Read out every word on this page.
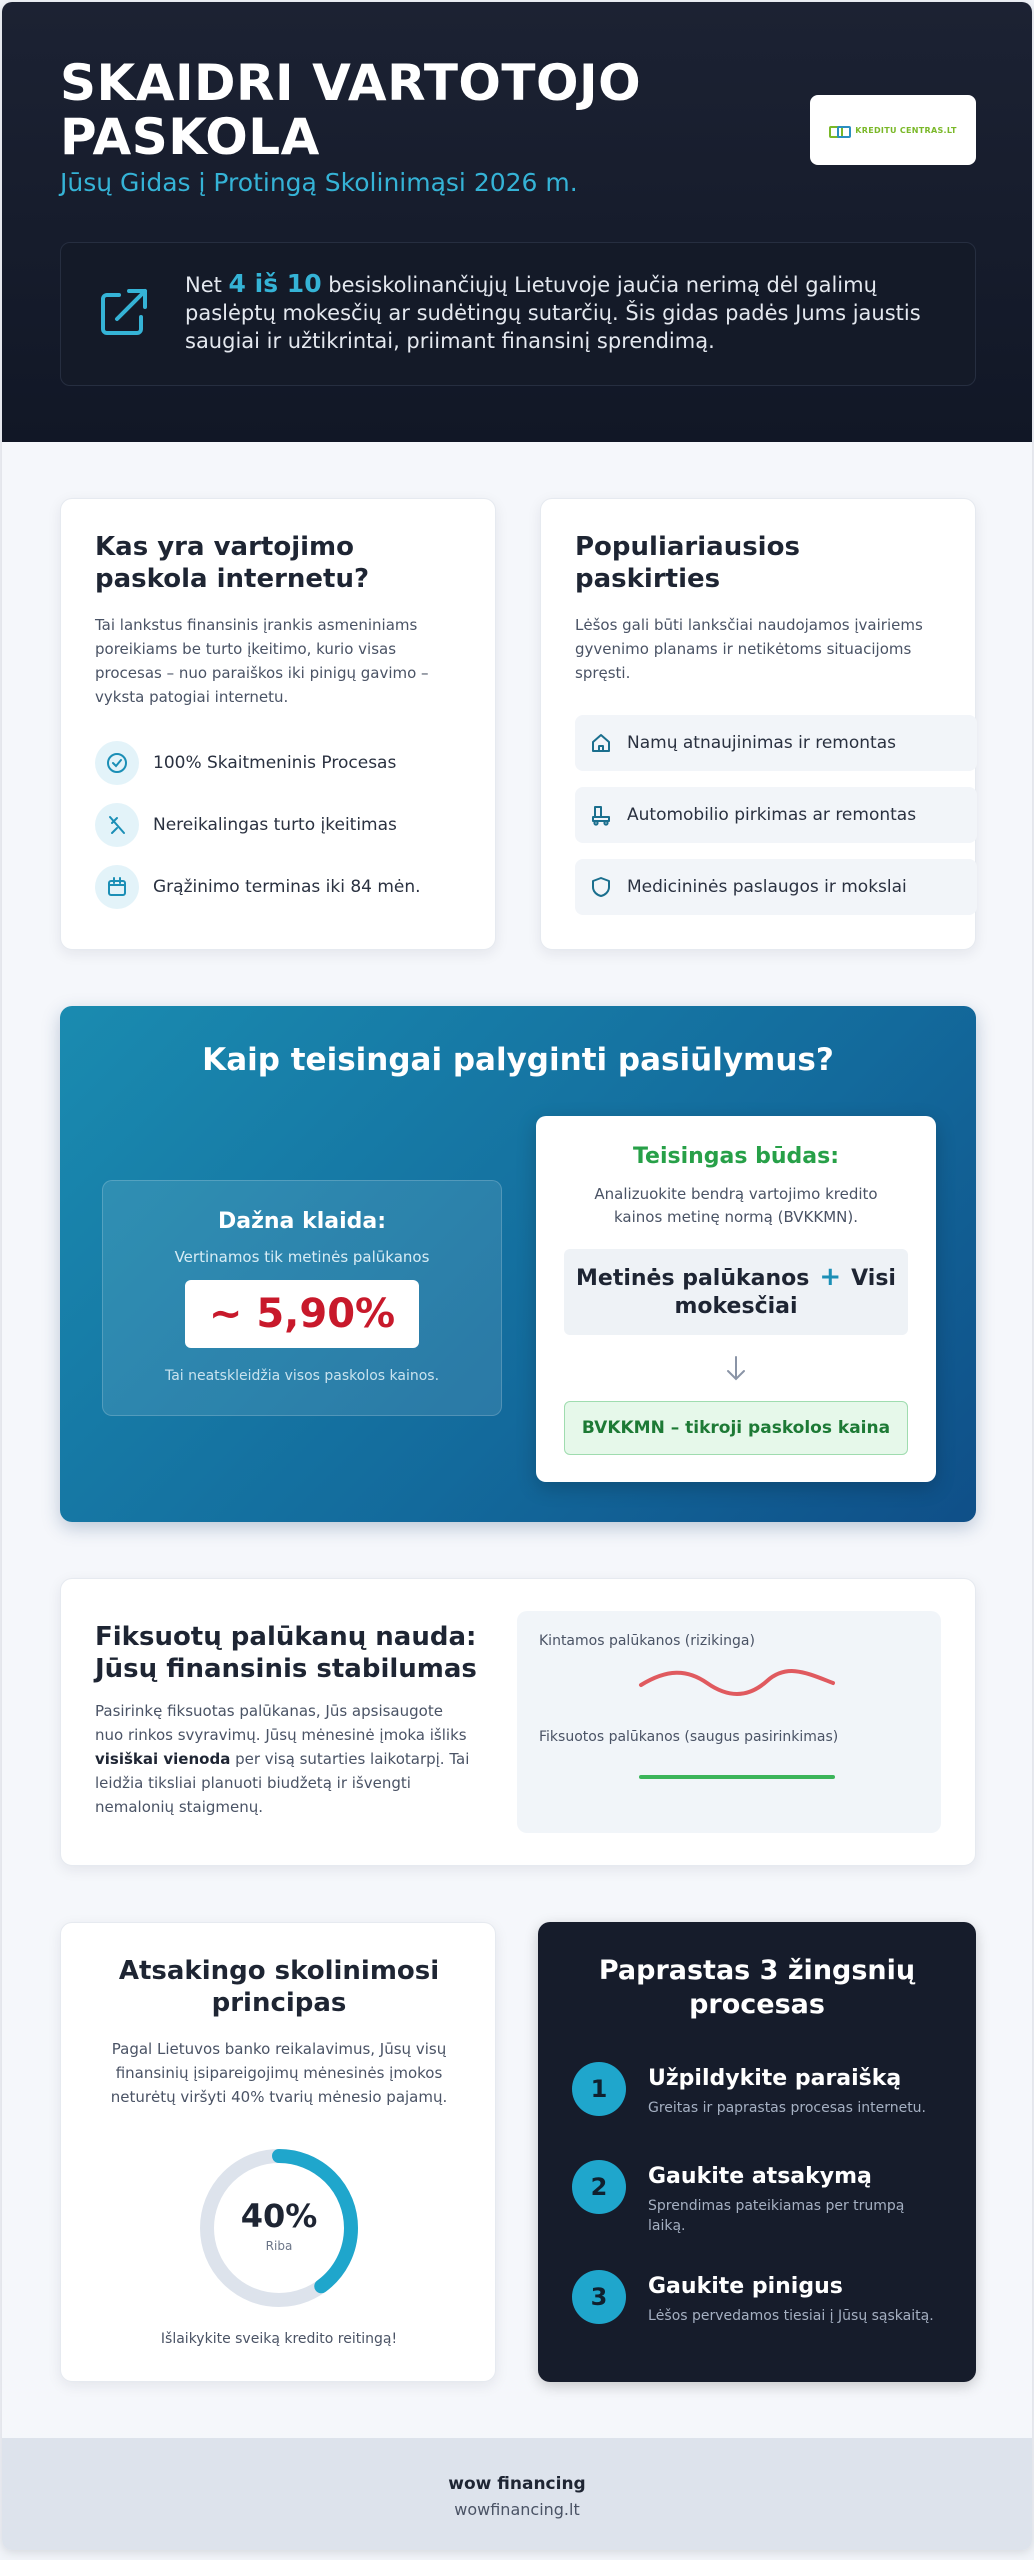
SKAIDRI VARTOTOJO PASKOLA
Jūsų Gidas į Protingą Skolinimąsi 2026 m.
KREDITU CENTRAS.LT
Net 4 iš 10 besiskolinančiųjų Lietuvoje jaučia nerimą dėl galimų paslėptų mokesčių ar sudėtingų sutarčių. Šis gidas padės Jums jaustis saugiai ir užtikrintai, priimant finansinį sprendimą.
Kas yra vartojimo paskola internetu?

Tai lankstus finansinis įrankis asmeniniams poreikiams be turto įkeitimo, kurio visas procesas – nuo paraiškos iki pinigų gavimo – vyksta patogiai internetu.

100% Skaitmeninis Procesas
Nereikalingas turto įkeitimas
Grąžinimo terminas iki 84 mėn.
Populiariausios paskirties

Lėšos gali būti lanksčiai naudojamos įvairiems gyvenimo planams ir netikėtoms situacijoms spręsti.

Namų atnaujinimas ir remontas
Automobilio pirkimas ar remontas
Medicininės paslaugos ir mokslai
Kaip teisingai palyginti pasiūlymus?
Dažna klaida:
Vertinamos tik metinės palūkanos
~ 5,90%
Tai neatskleidžia visos paskolos kainos.
Teisingas būdas:
Analizuokite bendrą vartojimo kredito kainos metinę normą (BVKKMN).
Metinės palūkanos + Visi mokesčiai
BVKKMN – tikroji paskolos kaina
Fiksuotų palūkanų nauda: Jūsų finansinis stabilumas

Pasirinkę fiksuotas palūkanas, Jūs apsisaugote nuo rinkos svyravimų. Jūsų mėnesinė įmoka išliks visiškai vienoda per visą sutarties laikotarpį. Tai leidžia tiksliai planuoti biudžetą ir išvengti nemalonių staigmenų.

Kintamos palūkanos (rizikinga)
Fiksuotos palūkanos (saugus pasirinkimas)
Atsakingo skolinimosi principas

Pagal Lietuvos banko reikalavimus, Jūsų visų finansinių įsipareigojimų mėnesinės įmokos neturėtų viršyti 40% tvarių mėnesio pajamų.

40%
Riba
Išlaikykite sveiką kredito reitingą!
Paprastas 3 žingsnių procesas
1	Užpildykite paraišką
Greitas ir paprastas procesas internetu.
2	Gaukite atsakymą
Sprendimas pateikiamas per trumpą laiką.
3	Gaukite pinigus
Lėšos pervedamos tiesiai į Jūsų sąskaitą.
wow financing
wowfinancing.lt
